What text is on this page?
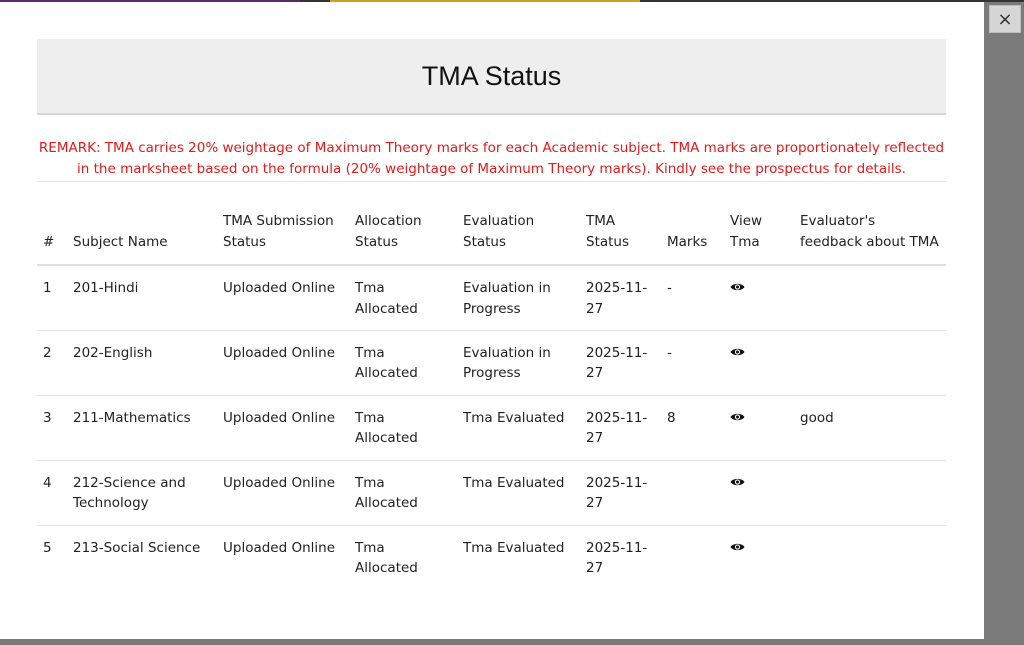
TMA Status
REMARK: TMA carries 20% weightage of Maximum Theory marks for each Academic subject. TMA marks are proportionately reflected in the marksheet based on the formula (20% weightage of Maximum Theory marks). Kindly see the prospectus for details.
#	Subject Name	TMA Submission Status	Allocation Status	Evaluation Status	TMA Status	Marks	View Tma	Evaluator's feedback about TMA
1	201-Hindi	Uploaded Online	Tma Allocated	Evaluation in Progress	2025-11-27	-	

2	202-English	Uploaded Online	Tma Allocated	Evaluation in Progress	2025-11-27	-	

3	211-Mathematics	Uploaded Online	Tma Allocated	Tma Evaluated	2025-11-27	8		good
4	212-Science and Technology	Uploaded Online	Tma Allocated	Tma Evaluated	2025-11-27		

5	213-Social Science	Uploaded Online	Tma Allocated	Tma Evaluated	2025-11-27		

×
